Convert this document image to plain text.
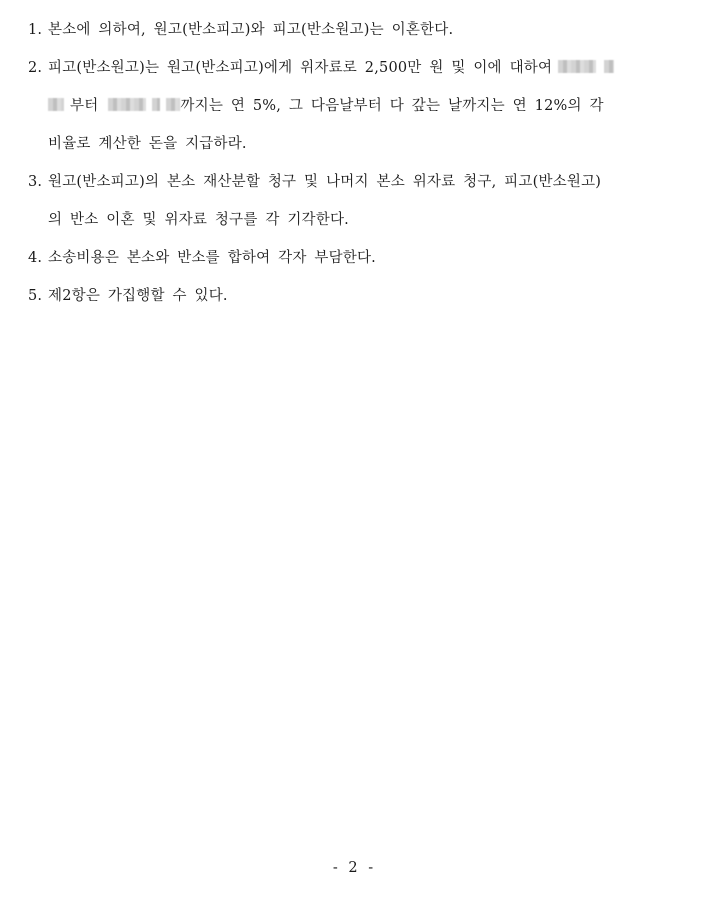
1. 본소에 의하여, 원고(반소피고)와 피고(반소원고)는 이혼한다.
2. 피고(반소원고)는 원고(반소피고)에게 위자료로 2,500만 원 및 이에 대하여
부터	까지는 연 5%, 그 다음날부터 다 갚는 날까지는 연 12%의 각
비율로 계산한 돈을 지급하라.
3. 원고(반소피고)의 본소 재산분할 청구 및 나머지 본소 위자료 청구, 피고(반소원고)
의 반소 이혼 및 위자료 청구를 각 기각한다.
4. 소송비용은 본소와 반소를 합하여 각자 부담한다.
5. 제2항은 가집행할 수 있다.
- 2 -
